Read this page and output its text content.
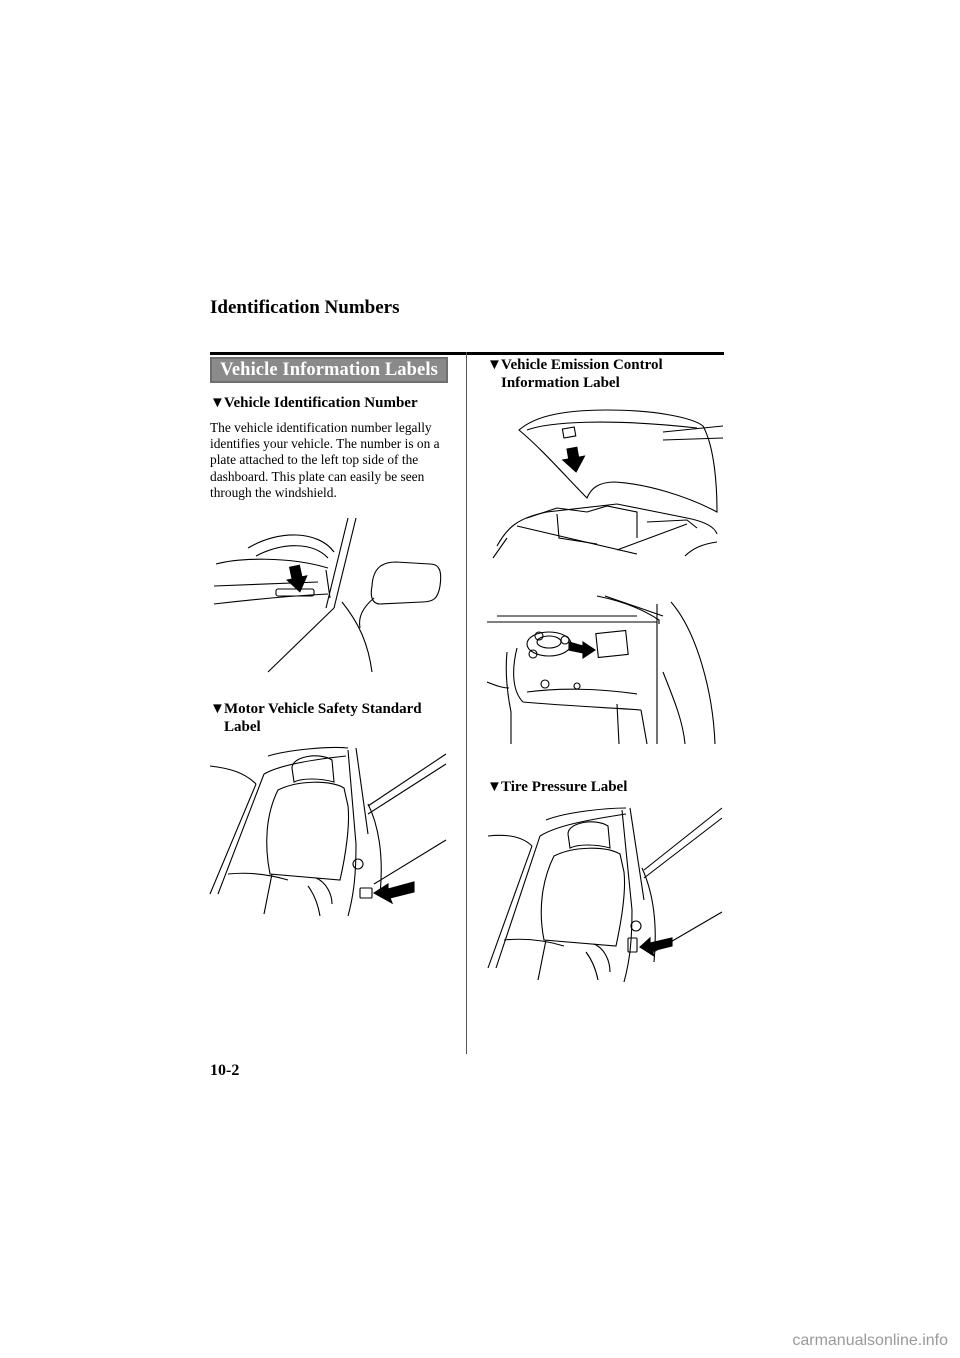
Identification Numbers
Vehicle Information Labels
▼Vehicle Identification Number

The vehicle identification number legally identifies your vehicle. The number is on a plate attached to the left top side of the dashboard. This plate can easily be seen through the windshield.

▼Motor Vehicle Safety Standard
Label
▼Vehicle Emission Control
Information Label
▼Tire Pressure Label
10-2
carmanualsonline.info
